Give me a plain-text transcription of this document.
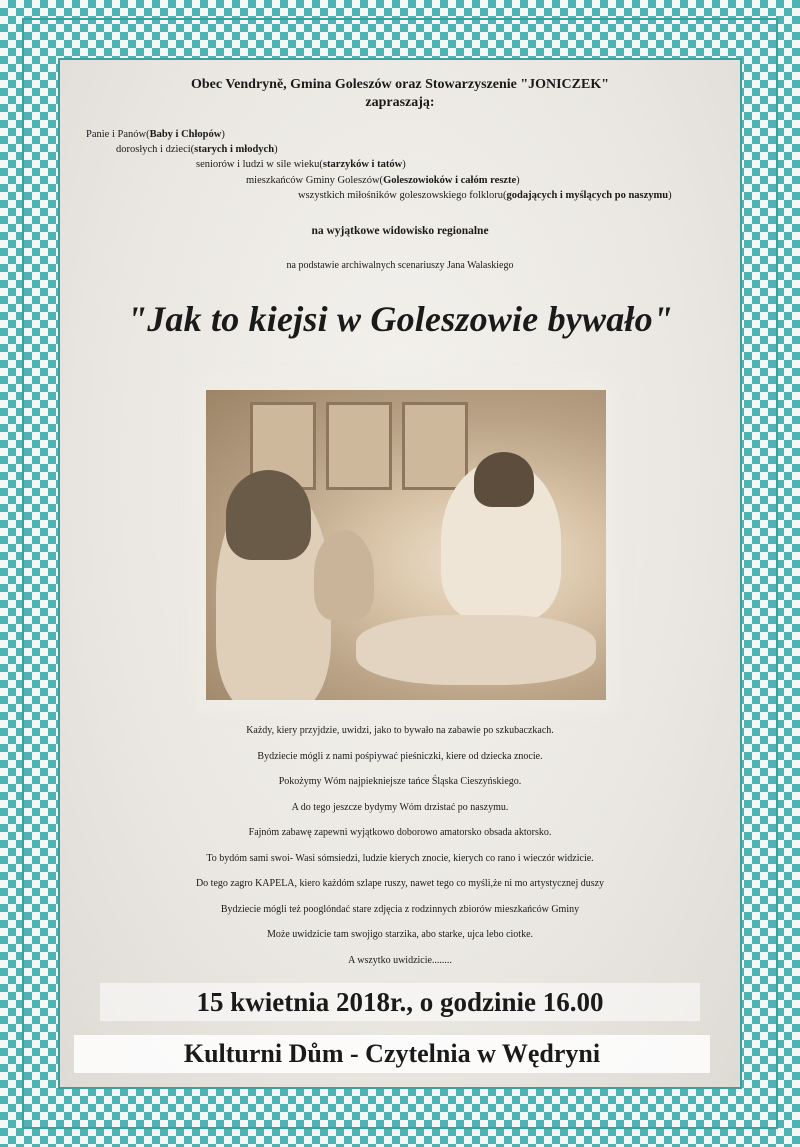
Obec Vendryně, Gmina Goleszów oraz Stowarzyszenie "JONICZEK"
zapraszają:
Panie i Panów(Baby i Chłopów)
dorosłych i dzieci(starych i młodych)
seniorów i ludzi w sile wieku(starzyków i tatów)
mieszkańców Gminy Goleszów(Goleszowioków i całóm reszte)
wszystkich miłośników goleszowskiego folkloru(godających i myślących po naszymu)
na wyjątkowe widowisko regionalne
na podstawie archiwalnych scenariuszy Jana Walaskiego
"Jak to kiejsi w Goleszowie bywało"

Każdy, kiery przyjdzie, uwidzi, jako to bywało na zabawie po szkubaczkach.

Bydziecie mógli z nami pośpiywać pieśniczki, kiere od dziecka znocie.

Pokożymy Wóm najpiekniejsze tańce Śląska Cieszyńskiego.

A do tego jeszcze bydymy Wóm drzistać po naszymu.

Fajnóm zabawę zapewni wyjątkowo doborowo amatorsko obsada aktorsko.

To bydóm sami swoi- Wasi sómsiedzi, ludzie kierych znocie, kierych co rano i wieczór widzicie.

Do tego zagro KAPELA, kiero każdóm szlape ruszy, nawet tego co myśli,że ni mo artystycznej duszy

Bydziecie mógli też pooglóndać stare zdjęcia z rodzinnych zbiorów mieszkańców Gminy

Może uwidzicie tam swojigo starzika, abo starke, ujca lebo ciotke.

A wszytko uwidzicie........

15 kwietnia 2018r., o godzinie 16.00
Kulturni Dům - Czytelnia w Wędryni
